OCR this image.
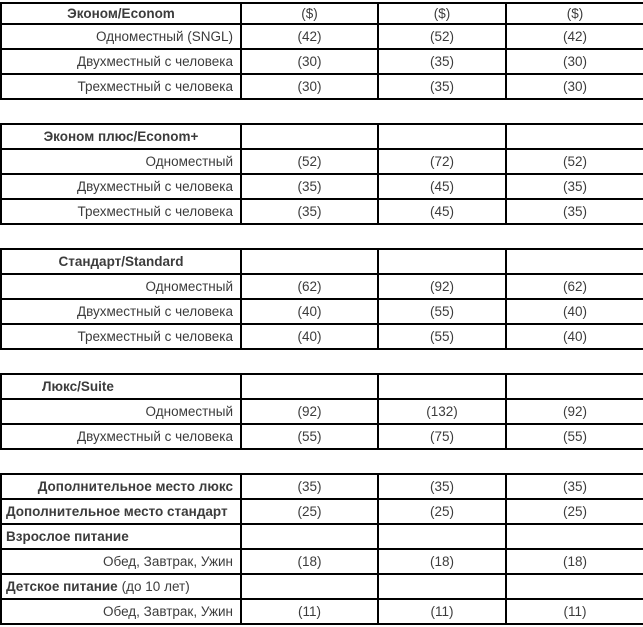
Эконом/Econom	($)	($)	($)
Одноместный (SNGL)	(42)	(52)	(42)
Двухместный с человека	(30)	(35)	(30)
Трехместный с человека	(30)	(35)	(30)
Эконом плюс/Econom+
Одноместный	(52)	(72)	(52)
Двухместный с человека	(35)	(45)	(35)
Трехместный с человека	(35)	(45)	(35)
Стандарт/Standard
Одноместный	(62)	(92)	(62)
Двухместный с человека	(40)	(55)	(40)
Трехместный с человека	(40)	(55)	(40)
Люкс/Suite
Одноместный	(92)	(132)	(92)
Двухместный с человека	(55)	(75)	(55)
Дополнительное место люкс	(35)	(35)	(35)
Дополнительное место стандарт	(25)	(25)	(25)
Взрослое питание
Обед, Завтрак, Ужин	(18)	(18)	(18)
Детское питание (до 10 лет)
Обед, Завтрак, Ужин	(11)	(11)	(11)
